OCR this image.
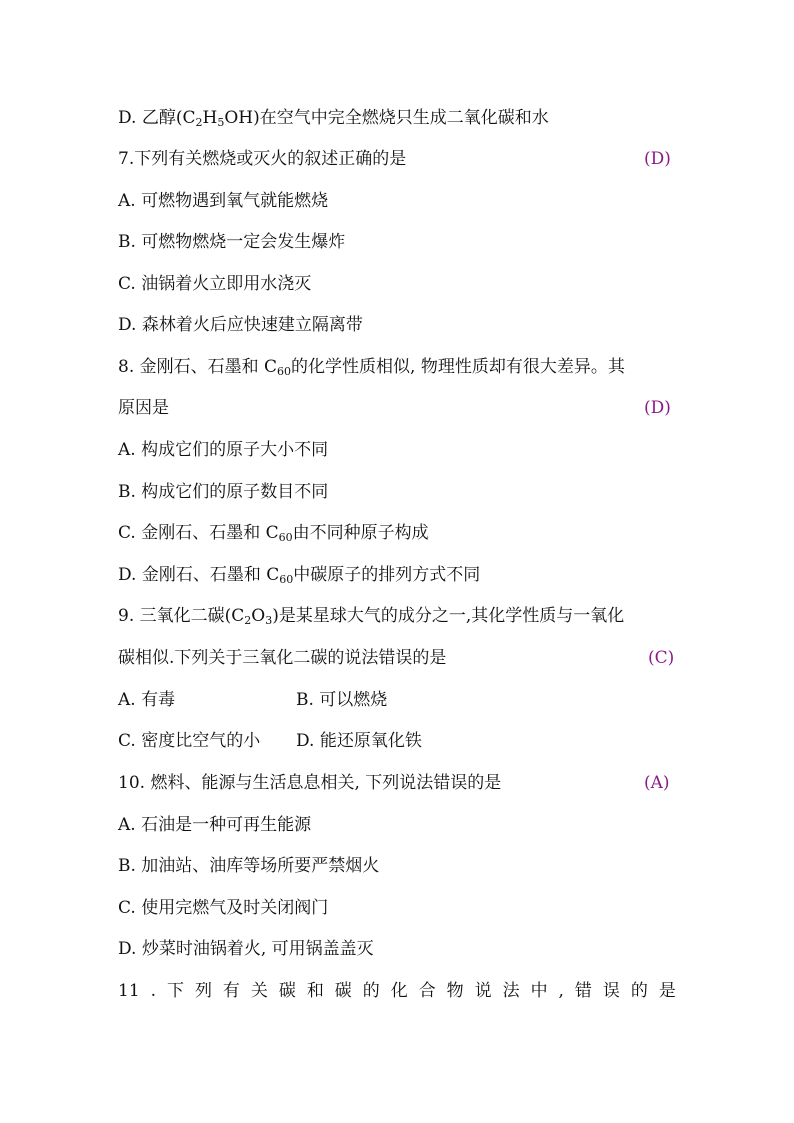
D. 乙醇$(C_2H_5OH)$在空气中完全燃烧只生成二氧化碳和水
7.下列有关燃烧或灭火的叙述正确的是	(D)
A. 可燃物遇到氧气就能燃烧
B. 可燃物燃烧一定会发生爆炸
C. 油锅着火立即用水浇灭
D. 森林着火后应快速建立隔离带
8. 金刚石、石墨和 $C_{60}$的化学性质相似, 物理性质却有很大差异。其
原因是	(D)
A. 构成它们的原子大小不同
B. 构成它们的原子数目不同
C. 金刚石、石墨和 $C_{60}$由不同种原子构成
D. 金刚石、石墨和 $C_{60}$中碳原子的排列方式不同
9. 三氧化二碳$(C_2O_3)$是某星球大气的成分之一,其化学性质与一氧化
碳相似.下列关于三氧化二碳的说法错误的是	(C)
A. 有毒	B. 可以燃烧
C. 密度比空气的小 D. 能还原氧化铁
10. 燃料、能源与生活息息相关, 下列说法错误的是	(A)
A. 石油是一种可再生能源
B. 加油站、油库等场所要严禁烟火
C. 使用完燃气及时关闭阀门
D. 炒菜时油锅着火, 可用锅盖盖灭
11 . 下 列 有 关 碳 和 碳 的 化 合 物 说 法 中 , 错 误 的 是
